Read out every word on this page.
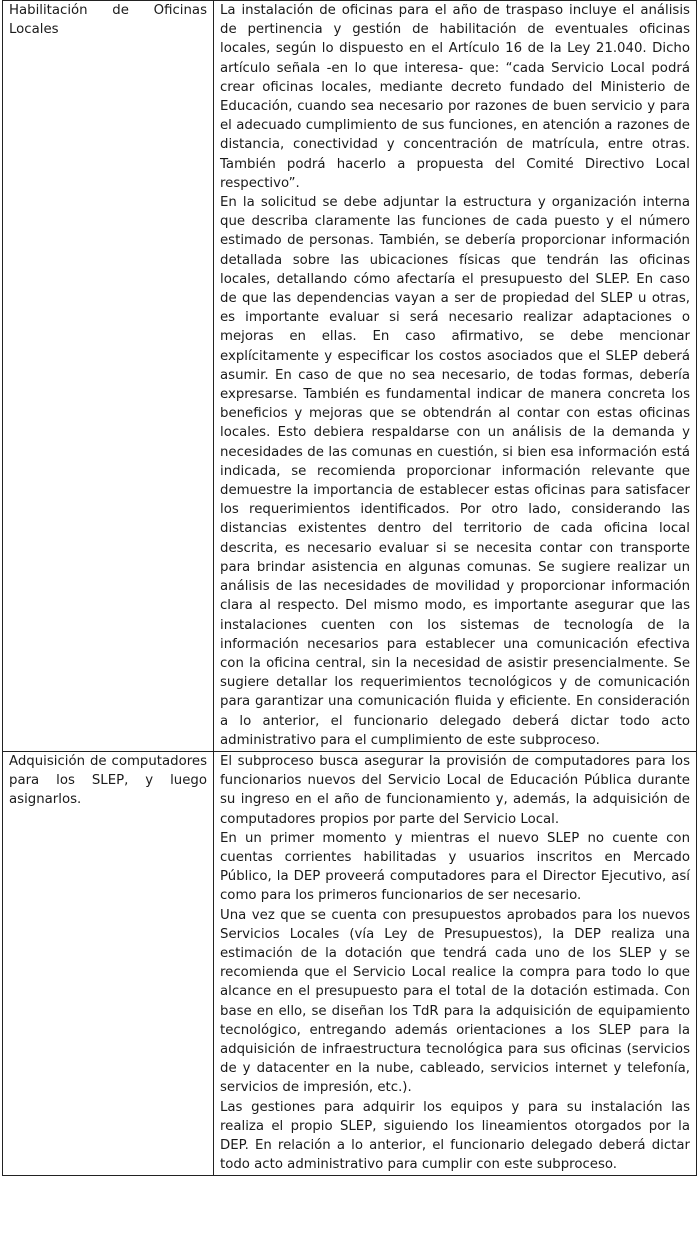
Habilitación de Oficinas Locales	La instalación de oficinas para el año de traspaso incluye el análisis de pertinencia y gestión de habilitación de eventuales oficinas locales, según lo dispuesto en el Artículo 16 de la Ley 21.040. Dicho artículo señala -en lo que interesa- que: “cada Servicio Local podrá crear oficinas locales, mediante decreto fundado del Ministerio de Educación, cuando sea necesario por razones de buen servicio y para el adecuado cumplimiento de sus funciones, en atención a razones de distancia, conectividad y concentración de matrícula, entre otras. También podrá hacerlo a propuesta del Comité Directivo Local respectivo”.

En la solicitud se debe adjuntar la estructura y organización interna que describa claramente las funciones de cada puesto y el número estimado de personas. También, se debería proporcionar información detallada sobre las ubicaciones físicas que tendrán las oficinas locales, detallando cómo afectaría el presupuesto del SLEP. En caso de que las dependencias vayan a ser de propiedad del SLEP u otras, es importante evaluar si será necesario realizar adaptaciones o mejoras en ellas. En caso afirmativo, se debe mencionar explícitamente y especificar los costos asociados que el SLEP deberá asumir. En caso de que no sea necesario, de todas formas, debería expresarse. También es fundamental indicar de manera concreta los beneficios y mejoras que se obtendrán al contar con estas oficinas locales. Esto debiera respaldarse con un análisis de la demanda y necesidades de las comunas en cuestión, si bien esa información está indicada, se recomienda proporcionar información relevante que demuestre la importancia de establecer estas oficinas para satisfacer los requerimientos identificados. Por otro lado, considerando las distancias existentes dentro del territorio de cada oficina local descrita, es necesario evaluar si se necesita contar con transporte para brindar asistencia en algunas comunas. Se sugiere realizar un análisis de las necesidades de movilidad y proporcionar información clara al respecto. Del mismo modo, es importante asegurar que las instalaciones cuenten con los sistemas de tecnología de la información necesarios para establecer una comunicación efectiva con la oficina central, sin la necesidad de asistir presencialmente. Se sugiere detallar los requerimientos tecnológicos y de comunicación para garantizar una comunicación fluida y eficiente. En consideración a lo anterior, el funcionario delegado deberá dictar todo acto administrativo para el cumplimiento de este subproceso.

Adquisición de computadores para los SLEP, y luego asignarlos.	El subproceso busca asegurar la provisión de computadores para los funcionarios nuevos del Servicio Local de Educación Pública durante su ingreso en el año de funcionamiento y, además, la adquisición de computadores propios por parte del Servicio Local.

En un primer momento y mientras el nuevo SLEP no cuente con cuentas corrientes habilitadas y usuarios inscritos en Mercado Público, la DEP proveerá computadores para el Director Ejecutivo, así como para los primeros funcionarios de ser necesario.

Una vez que se cuenta con presupuestos aprobados para los nuevos Servicios Locales (vía Ley de Presupuestos), la DEP realiza una estimación de la dotación que tendrá cada uno de los SLEP y se recomienda que el Servicio Local realice la compra para todo lo que alcance en el presupuesto para el total de la dotación estimada. Con base en ello, se diseñan los TdR para la adquisición de equipamiento tecnológico, entregando además orientaciones a los SLEP para la adquisición de infraestructura tecnológica para sus oficinas (servicios de y datacenter en la nube, cableado, servicios internet y telefonía, servicios de impresión, etc.).

Las gestiones para adquirir los equipos y para su instalación las realiza el propio SLEP, siguiendo los lineamientos otorgados por la DEP. En relación a lo anterior, el funcionario delegado deberá dictar todo acto administrativo para cumplir con este subproceso.
